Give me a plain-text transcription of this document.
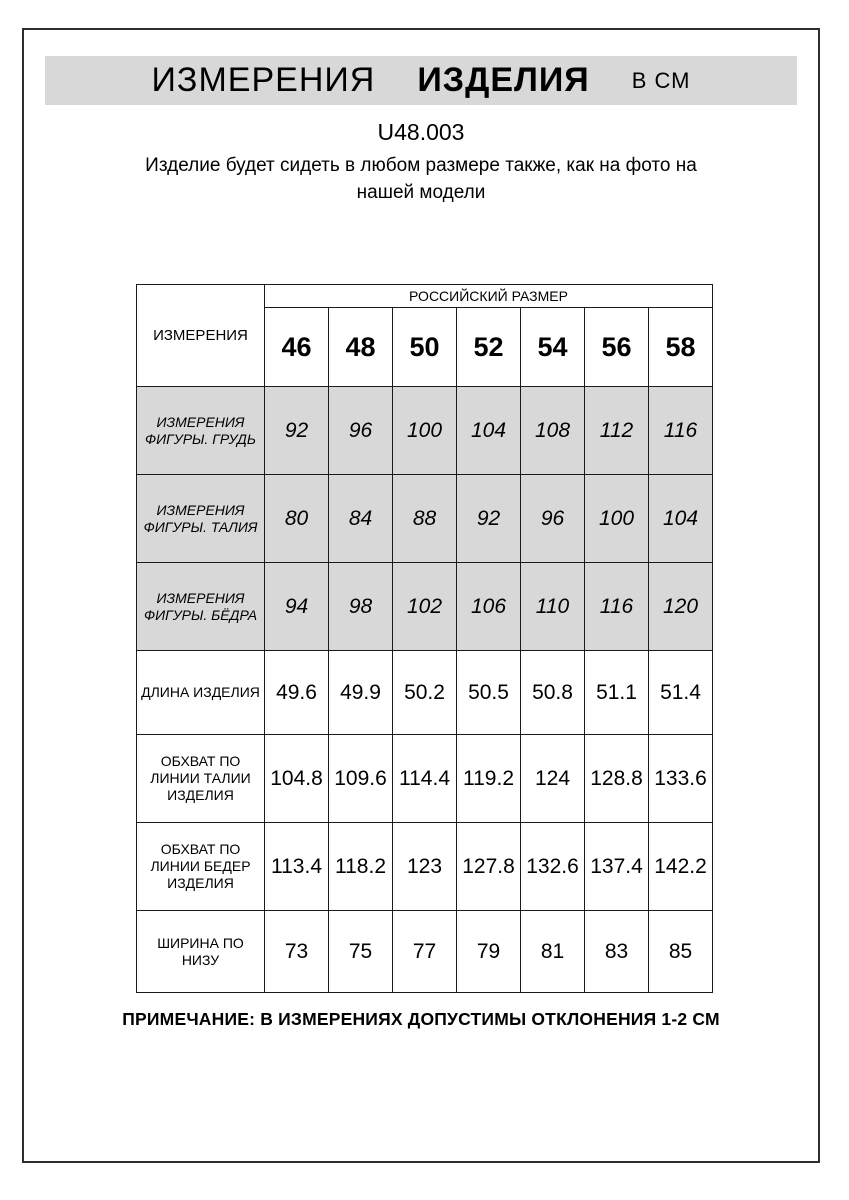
ИЗМЕРЕНИЯ ИЗДЕЛИЯ В СМ
U48.003
Изделие будет сидеть в любом размере также, как на фото на нашей модели
ИЗМЕРЕНИЯ	РОССИЙСКИЙ РАЗМЕР						
	46	48	50	52	54	56	58
ИЗМЕРЕНИЯ ФИГУРЫ. ГРУДЬ	92	96	100	104	108	112	116
ИЗМЕРЕНИЯ ФИГУРЫ. ТАЛИЯ	80	84	88	92	96	100	104
ИЗМЕРЕНИЯ ФИГУРЫ. БЁДРА	94	98	102	106	110	116	120
ДЛИНА ИЗДЕЛИЯ	49.6	49.9	50.2	50.5	50.8	51.1	51.4
ОБХВАТ ПО ЛИНИИ ТАЛИИ ИЗДЕЛИЯ	104.8	109.6	114.4	119.2	124	128.8	133.6
ОБХВАТ ПО ЛИНИИ БЕДЕР ИЗДЕЛИЯ	113.4	118.2	123	127.8	132.6	137.4	142.2
ШИРИНА ПО НИЗУ	73	75	77	79	81	83	85
ПРИМЕЧАНИЕ: В ИЗМЕРЕНИЯХ ДОПУСТИМЫ ОТКЛОНЕНИЯ 1-2 СМ
